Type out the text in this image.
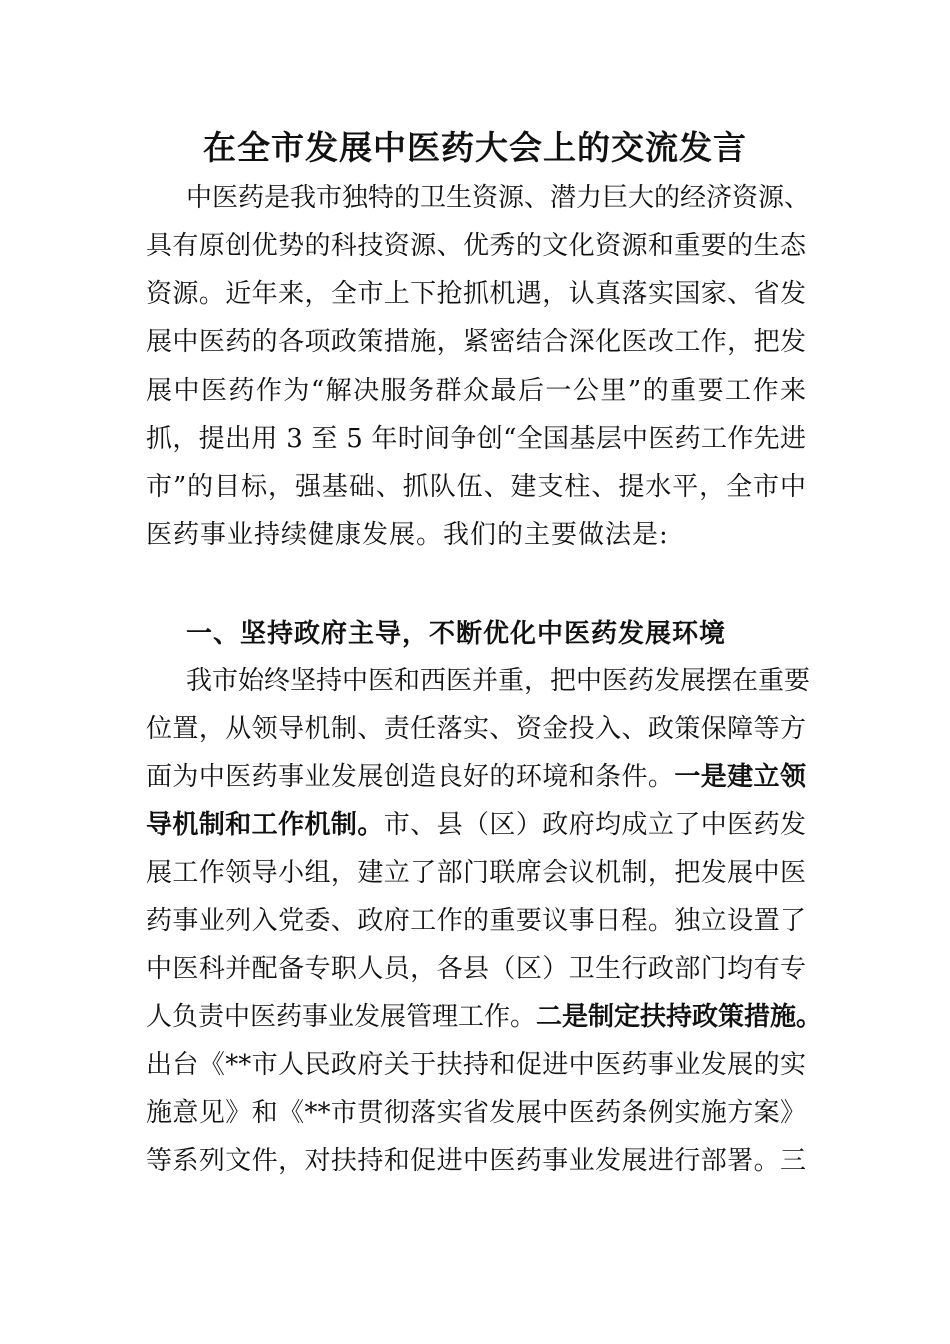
在全市发展中医药大会上的交流发言
中医药是我市独特的卫生资源、潜力巨大的经济资源、
具有原创优势的科技资源、优秀的文化资源和重要的生态
资源。近年来，全市上下抢抓机遇，认真落实国家、省发
展中医药的各项政策措施，紧密结合深化医改工作，把发
展中医药作为“解决服务群众最后一公里”的重要工作来
抓，提出用 3 至 5 年时间争创“全国基层中医药工作先进
市”的目标，强基础、抓队伍、建支柱、提水平，全市中
医药事业持续健康发展。我们的主要做法是:
一、坚持政府主导，不断优化中医药发展环境
我市始终坚持中医和西医并重，把中医药发展摆在重要
位置，从领导机制、责任落实、资金投入、政策保障等方
面为中医药事业发展创造良好的环境和条件。一是建立领
导机制和工作机制。市、县（区）政府均成立了中医药发
展工作领导小组，建立了部门联席会议机制，把发展中医
药事业列入党委、政府工作的重要议事日程。独立设置了
中医科并配备专职人员，各县（区）卫生行政部门均有专
人负责中医药事业发展管理工作。二是制定扶持政策措施。
出台《**市人民政府关于扶持和促进中医药事业发展的实
施意见》和《**市贯彻落实省发展中医药条例实施方案》
等系列文件，对扶持和促进中医药事业发展进行部署。三
